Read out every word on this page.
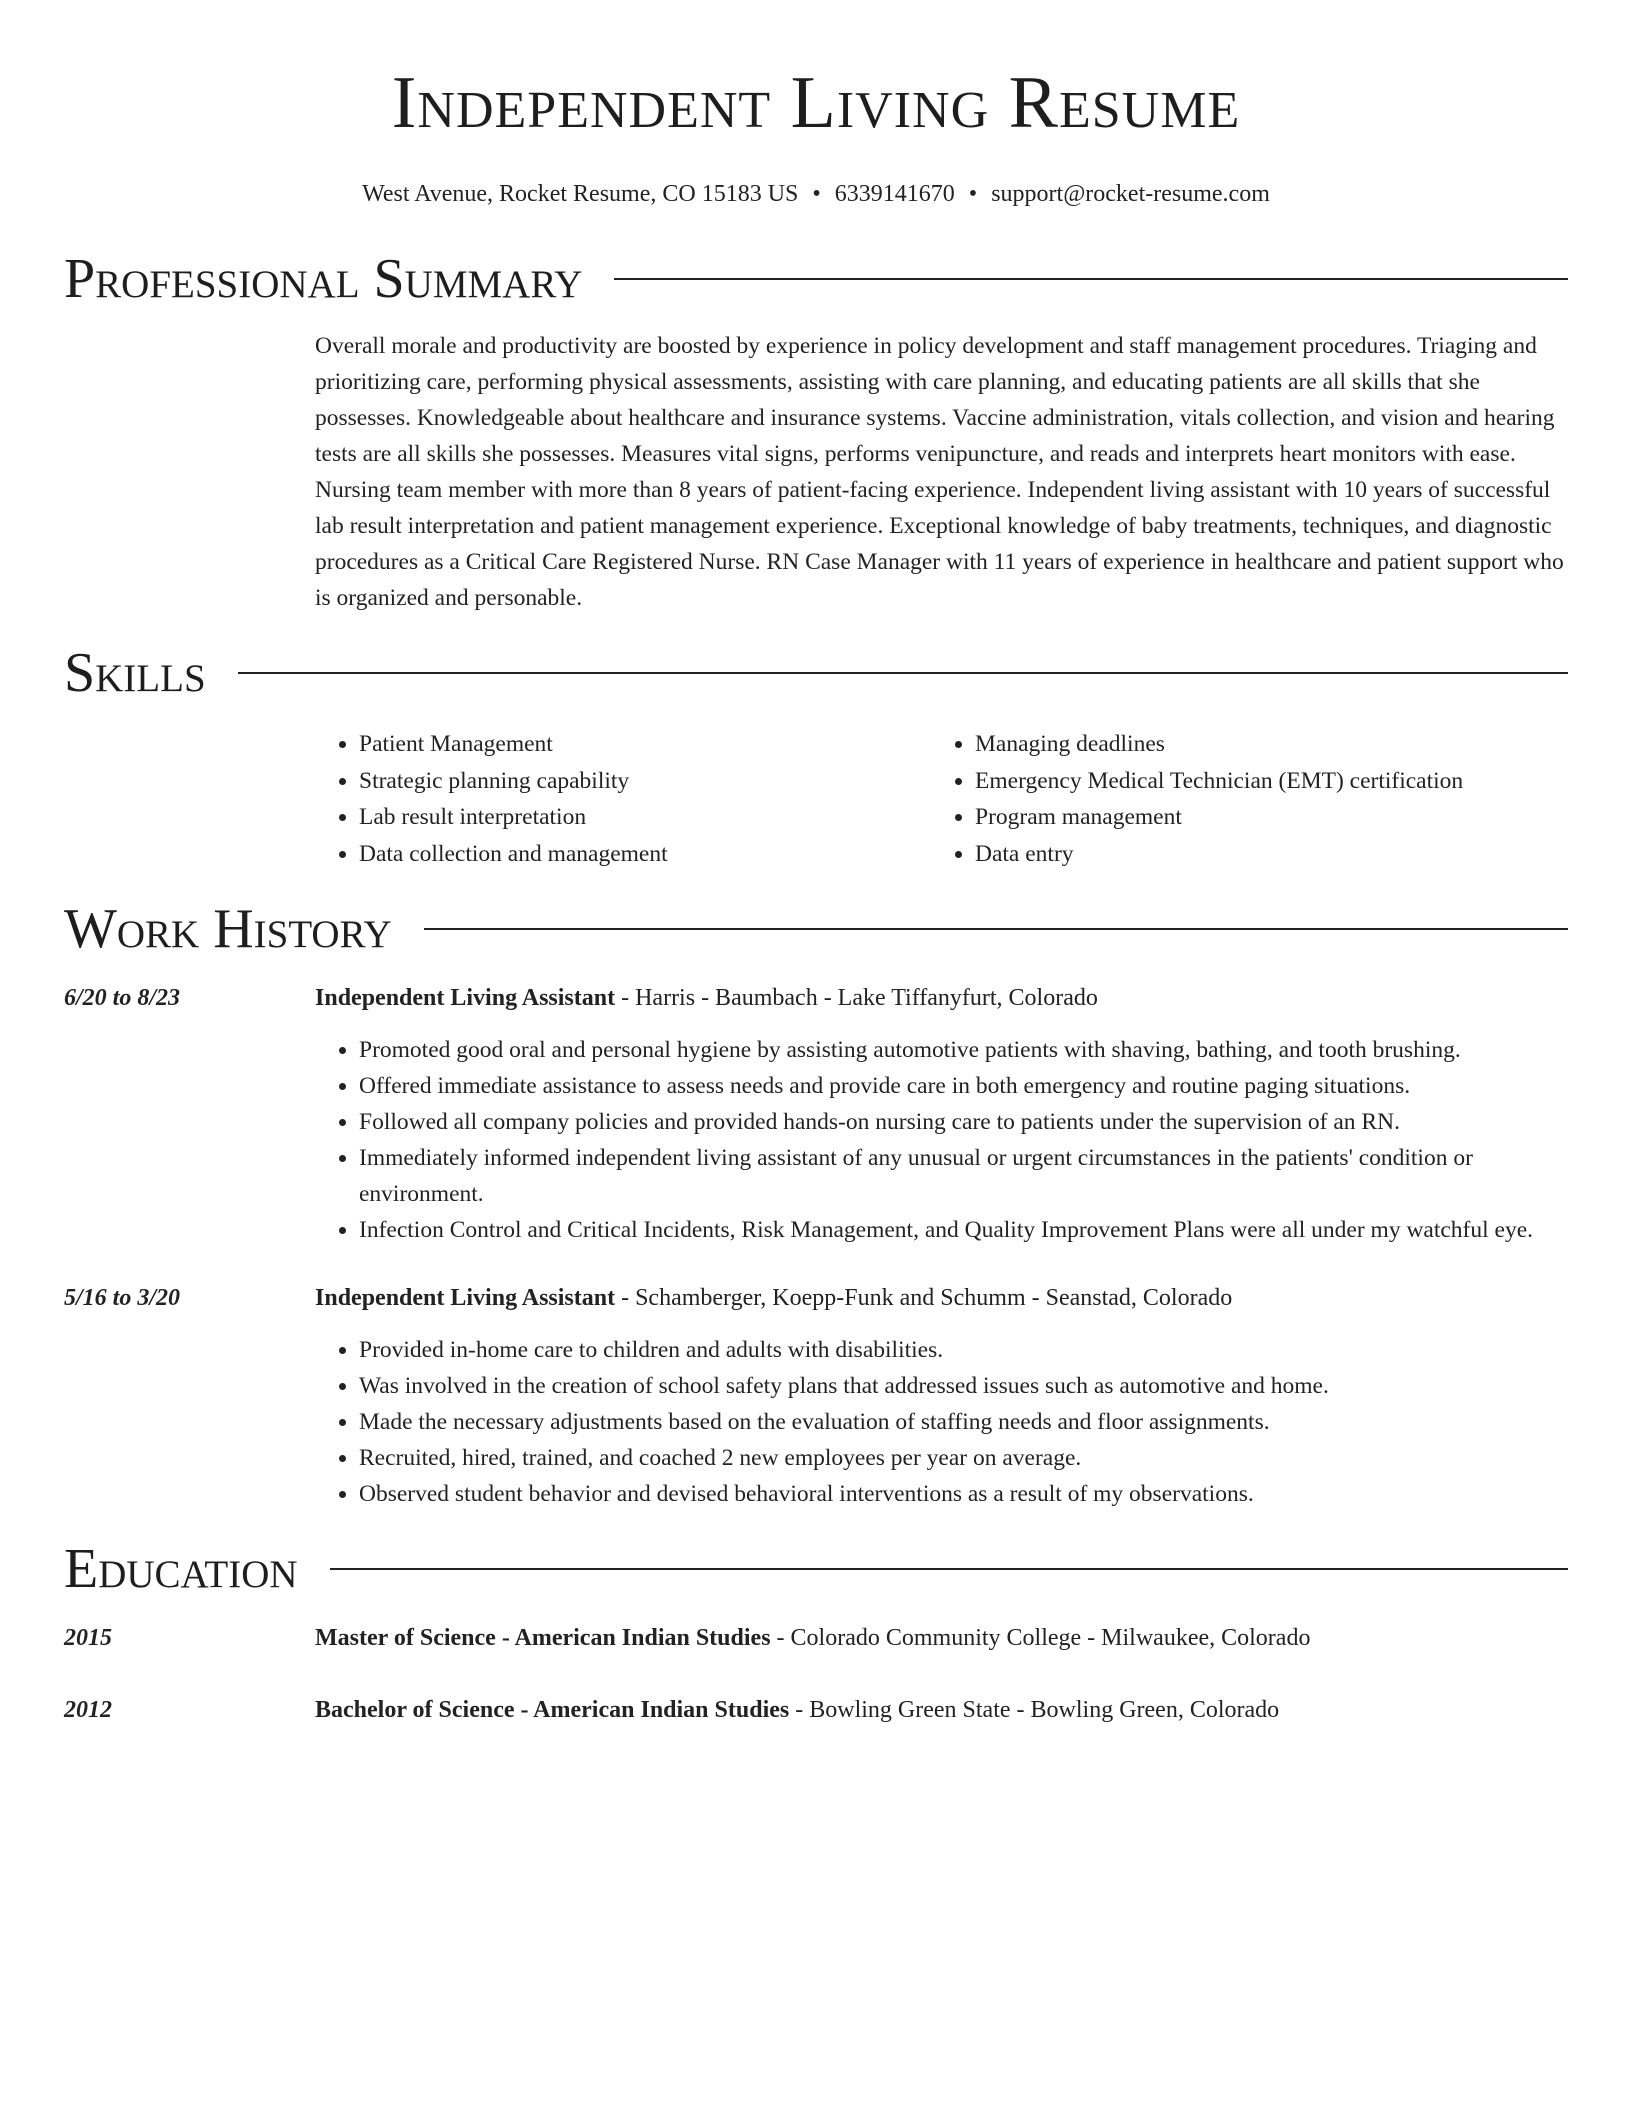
Independent Living Resume
West Avenue, Rocket Resume, CO 15183 US • 6339141670 • support@rocket-resume.com
Professional Summary

Overall morale and productivity are boosted by experience in policy development and staff management procedures. Triaging and prioritizing care, performing physical assessments, assisting with care planning, and educating patients are all skills that she possesses. Knowledgeable about healthcare and insurance systems. Vaccine administration, vitals collection, and vision and hearing tests are all skills she possesses. Measures vital signs, performs venipuncture, and reads and interprets heart monitors with ease. Nursing team member with more than 8 years of patient-facing experience. Independent living assistant with 10 years of successful lab result interpretation and patient management experience. Exceptional knowledge of baby treatments, techniques, and diagnostic procedures as a Critical Care Registered Nurse. RN Case Manager with 11 years of experience in healthcare and patient support who is organized and personable.

Skills
• Patient Management
• Strategic planning capability
• Lab result interpretation
• Data collection and management
• Managing deadlines
• Emergency Medical Technician (EMT) certification
• Program management
• Data entry
Work History
6/20 to 8/23	Independent Living Assistant - Harris - Baumbach - Lake Tiffanyfurt, Colorado
• Promoted good oral and personal hygiene by assisting automotive patients with shaving, bathing, and tooth brushing.
• Offered immediate assistance to assess needs and provide care in both emergency and routine paging situations.
• Followed all company policies and provided hands-on nursing care to patients under the supervision of an RN.
• Immediately informed independent living assistant of any unusual or urgent circumstances in the patients' condition or environment.
• Infection Control and Critical Incidents, Risk Management, and Quality Improvement Plans were all under my watchful eye.
5/16 to 3/20	Independent Living Assistant - Schamberger, Koepp-Funk and Schumm - Seanstad, Colorado
• Provided in-home care to children and adults with disabilities.
• Was involved in the creation of school safety plans that addressed issues such as automotive and home.
• Made the necessary adjustments based on the evaluation of staffing needs and floor assignments.
• Recruited, hired, trained, and coached 2 new employees per year on average.
• Observed student behavior and devised behavioral interventions as a result of my observations.
Education
2015	Master of Science - American Indian Studies - Colorado Community College - Milwaukee, Colorado
2012	Bachelor of Science - American Indian Studies - Bowling Green State - Bowling Green, Colorado
